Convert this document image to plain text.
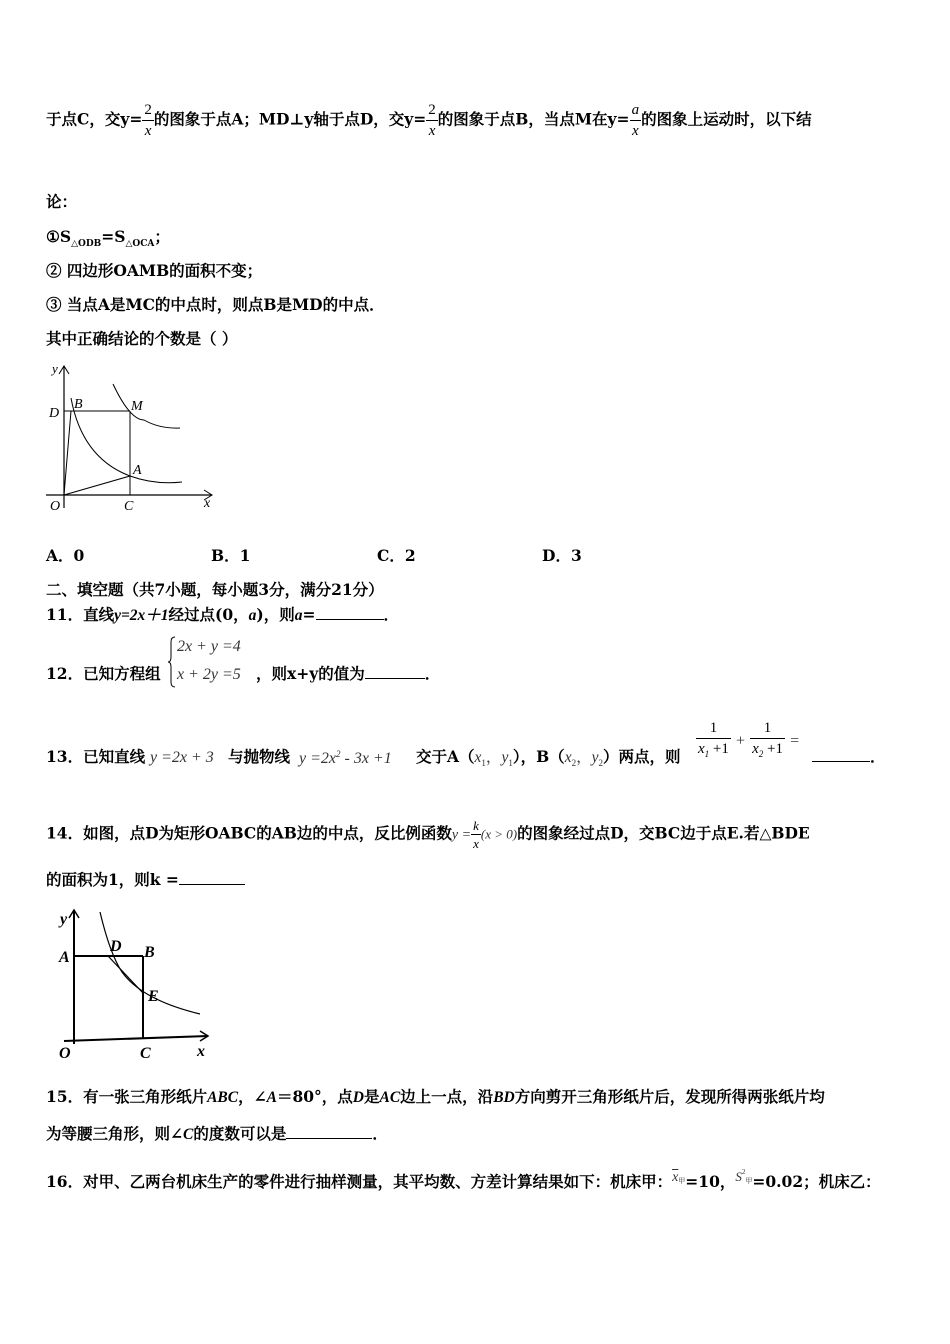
于点C，交$y= \frac{2}{x}$ 的图象于点A；MD⊥y轴于点D，交$y= \frac{2}{x}$ 的图象于点B，当点M在$y= \frac{a}{x}$ 的图象上运动时，以下结
论：
$①S_{\triangle ODB}=S_{\triangle OCA}$；
② 四边形OAMB的面积不变；
③ 当点A是MC的中点时，则点B是MD的中点．
其中正确结论的个数是（ ）
y
x
O
D
B	M
A
C
A．0	B．1	C．2	D．3
二、填空题（共7小题，每小题3分，满分21分）
11．直线y=2x＋1经过点(0，a)，则a=	．
12．已知方程组
2x + y =4
x + 2y =5 ，则x+y的值为	．
13．已知直线 y =2x + 3 与抛物线 $y =2x^2 - 3x +1$ 交于$A(x_1$，$y_1$），$B(x_2$，$y_2$）两点，则 $\frac{1}{x_1 +1} + \frac{1}{x_2 +1}$ =
．
14．如图，点D为矩形OABC的AB边的中点，反比例函数$y = \frac{k}{x} (x > 0)$的图象经过点D，交BC边于点E.若△BDE
的面积为1，则k =
y
x
O
A
D B
E
C
15．有一张三角形纸片ABC，∠A＝80°，点D是AC边上一点，沿BD方向剪开三角形纸片后，发现所得两张纸片均
为等腰三角形，则∠C的度数可以是	．
16．对甲、乙两台机床生产的零件进行抽样测量，其平均数、方差计算结果如下：机床甲：$\overline{x}^甲=10$，$^{S2甲}$=0.02；机床乙：
